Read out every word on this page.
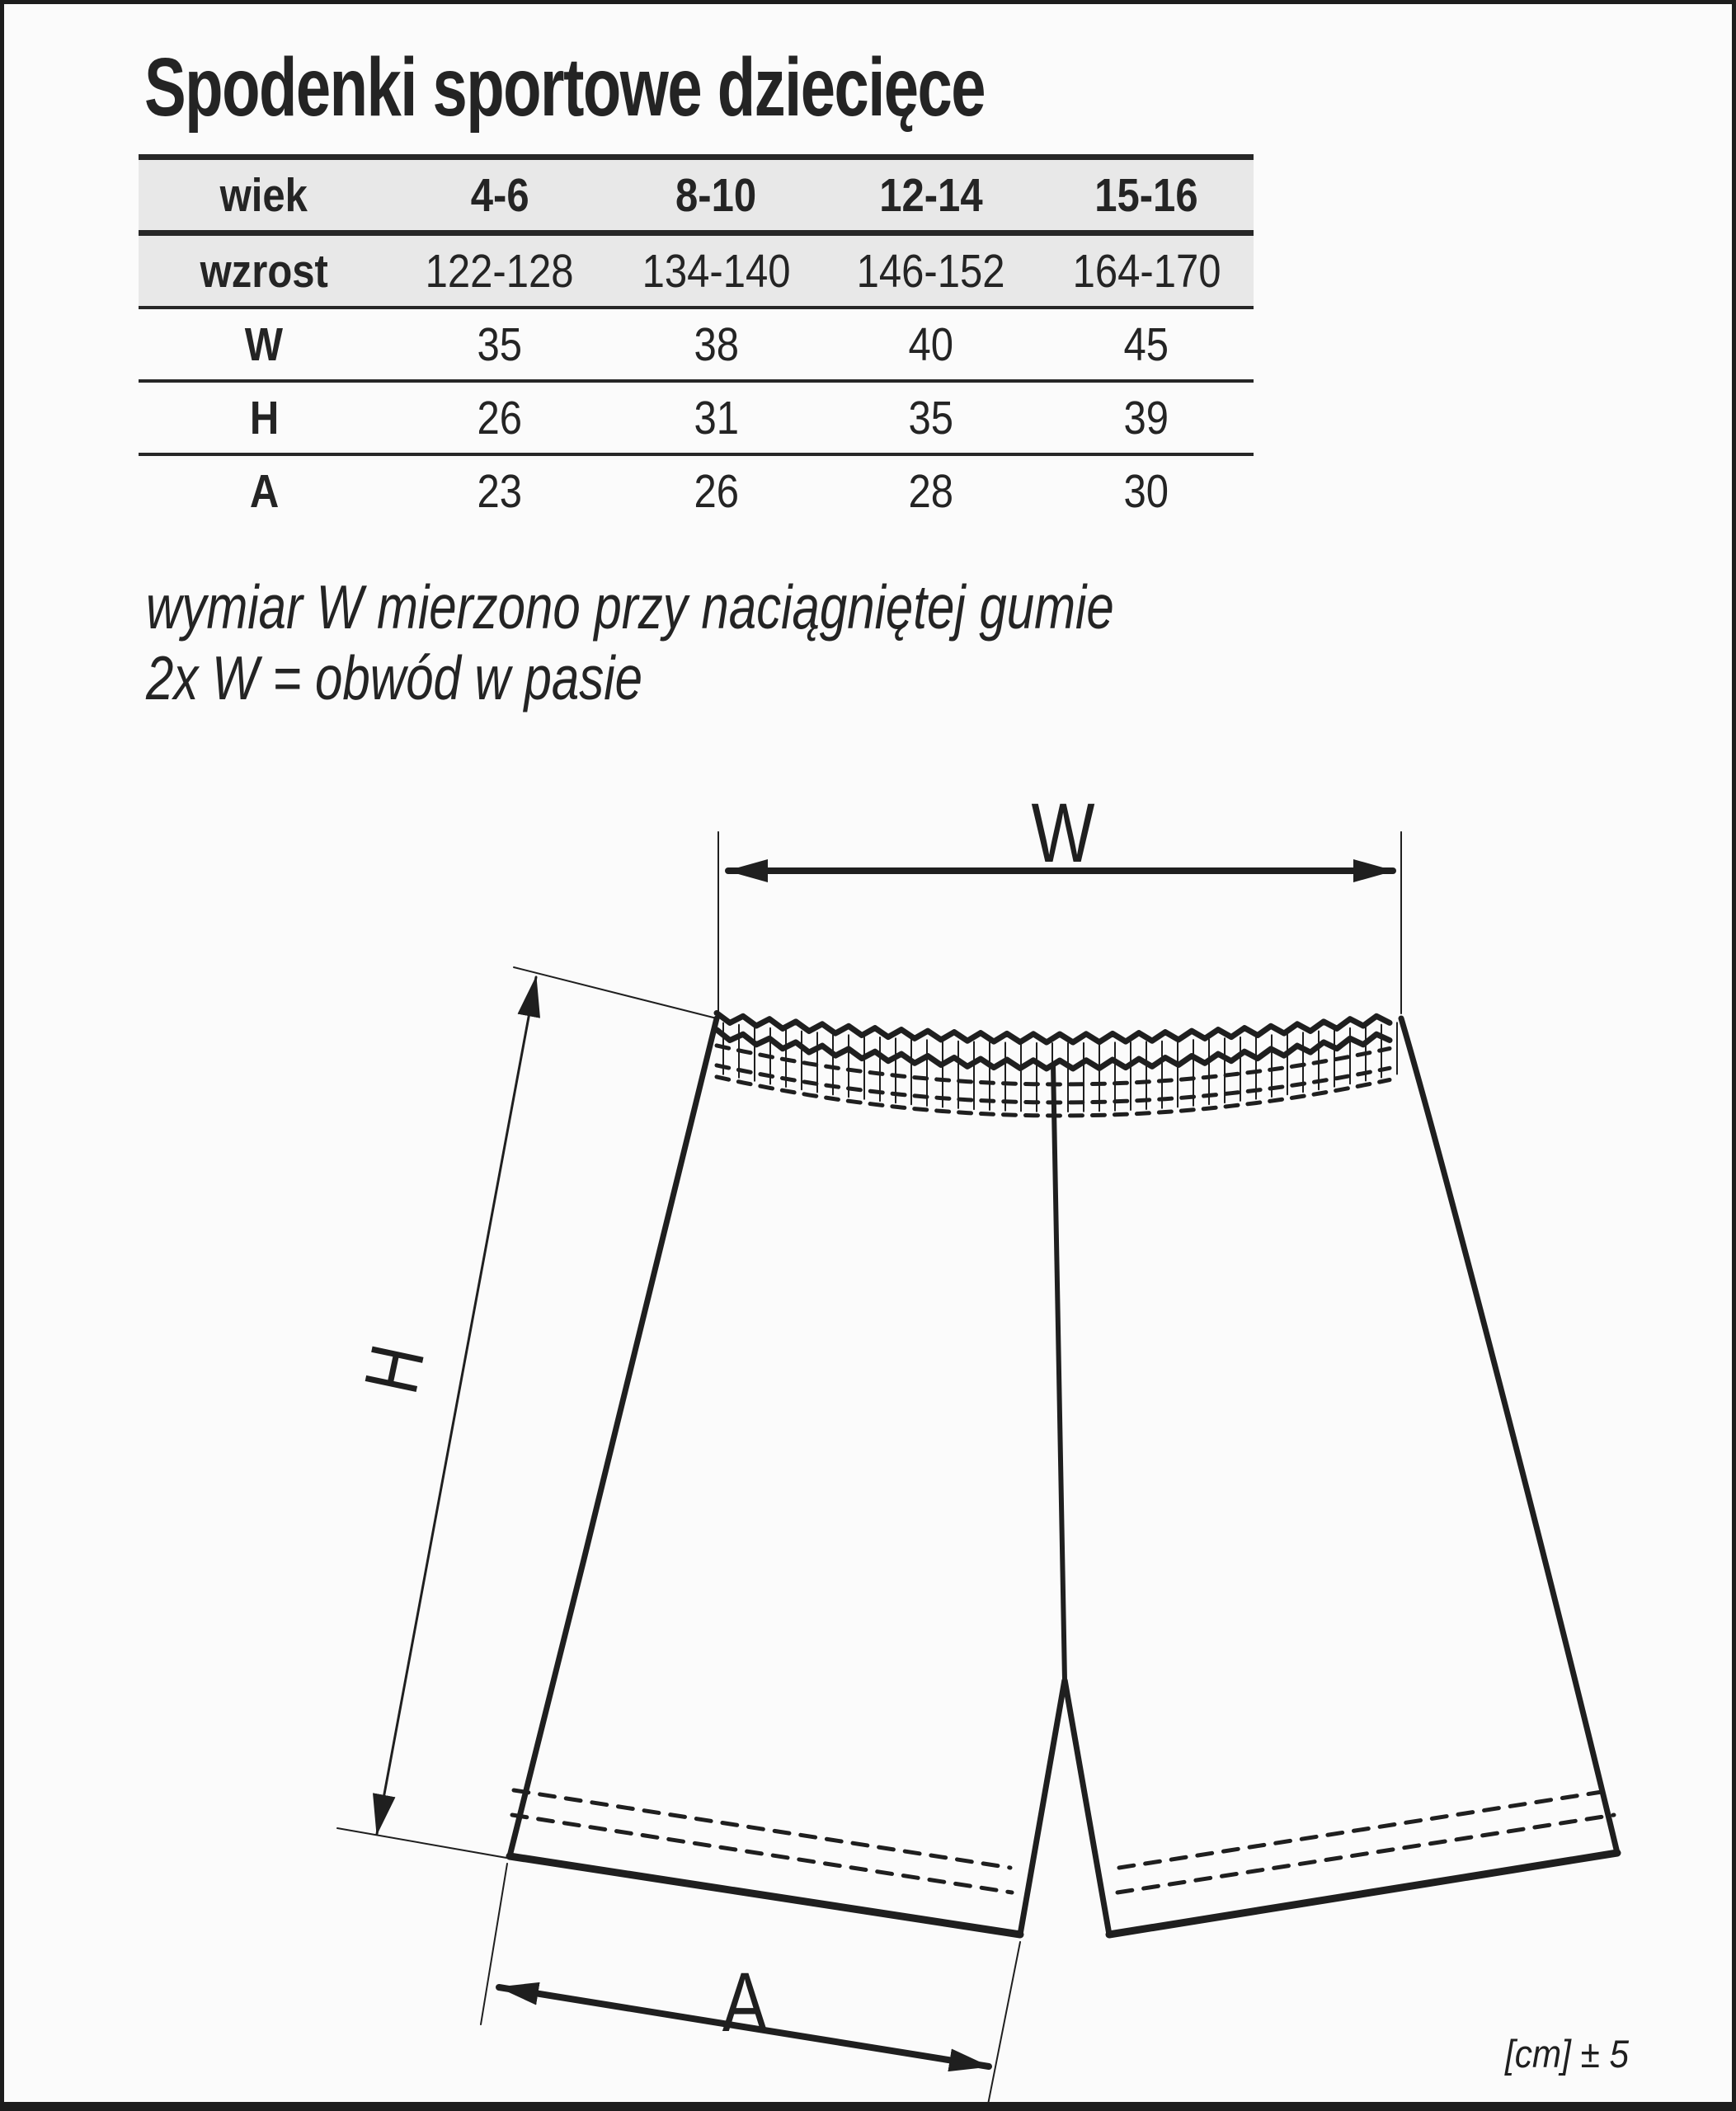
Spodenki sportowe dziecięce
wiek	4-6	8-10	12-14	15-16
wzrost	122-128	134-140	146-152	164-170
W	35	38	40	45
H	26	31	35	39
A	23	26	28	30
wymiar W mierzono przy naciągniętej gumie
2x W = obwód w pasie
W
H
A
[cm] ± 5
